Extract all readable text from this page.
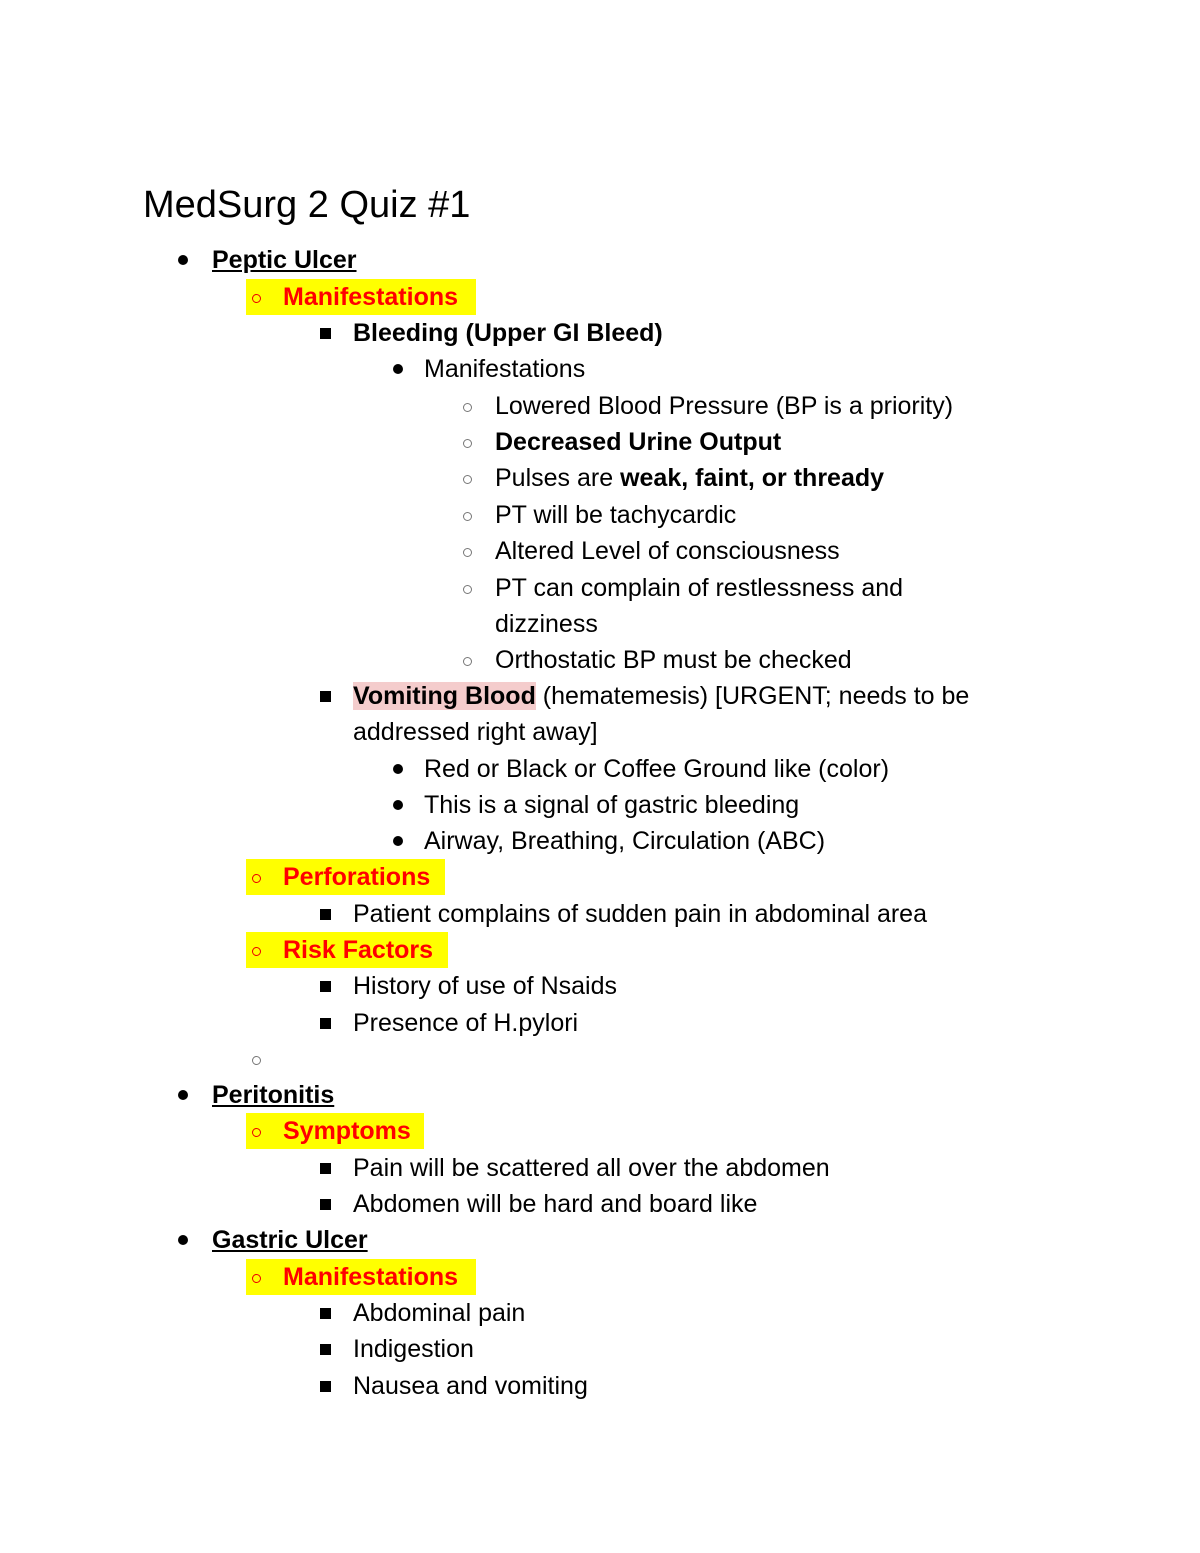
MedSurg 2 Quiz #1
Peptic Ulcer
Manifestations
Bleeding (Upper GI Bleed)
Manifestations
Lowered Blood Pressure (BP is a priority)
Decreased Urine Output
Pulses are weak, faint, or thready
PT will be tachycardic
Altered Level of consciousness
PT can complain of restlessness and
dizziness
Orthostatic BP must be checked
Vomiting Blood (hematemesis) [URGENT; needs to be
addressed right away]
Red or Black or Coffee Ground like (color)
This is a signal of gastric bleeding
Airway, Breathing, Circulation (ABC)
Perforations
Patient complains of sudden pain in abdominal area
Risk Factors
History of use of Nsaids
Presence of H.pylori
Peritonitis
Symptoms
Pain will be scattered all over the abdomen
Abdomen will be hard and board like
Gastric Ulcer
Manifestations
Abdominal pain
Indigestion
Nausea and vomiting
